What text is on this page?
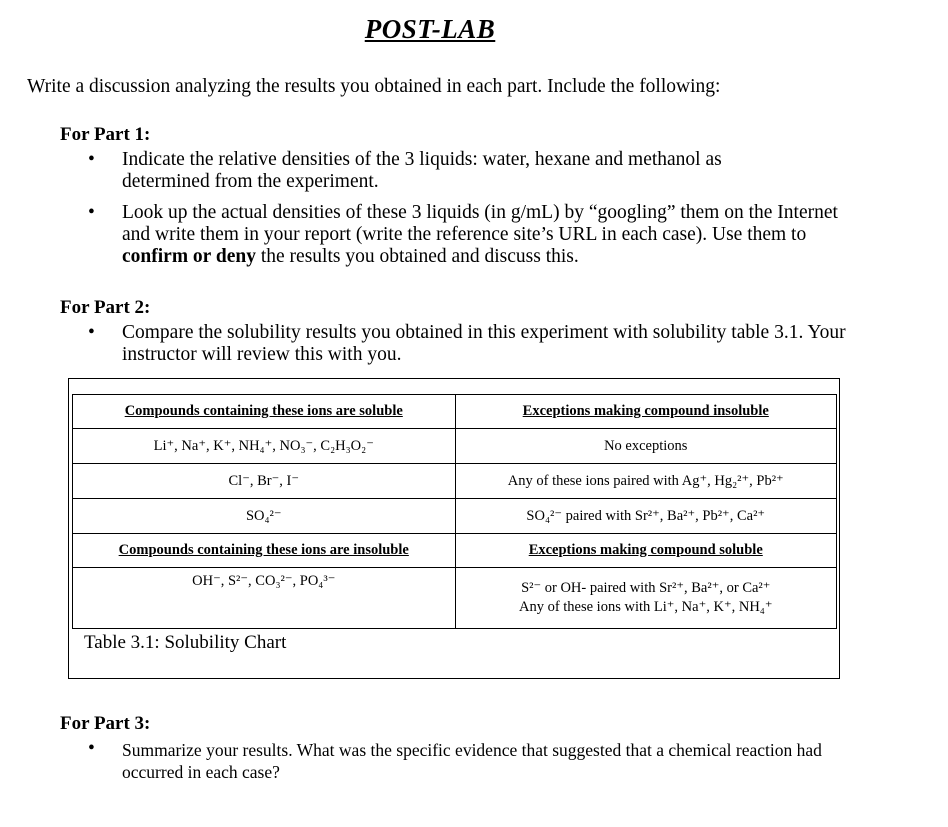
POST-LAB
Write a discussion analyzing the results you obtained in each part. Include the following:
For Part 1:
• Indicate the relative densities of the 3 liquids: water, hexane and methanol as determined from the experiment.
• Look up the actual densities of these 3 liquids (in g/mL) by “googling” them on the Internet and write them in your report (write the reference site’s URL in each case). Use them to confirm or deny the results you obtained and discuss this.
For Part 2:
• Compare the solubility results you obtained in this experiment with solubility table 3.1. Your instructor will review this with you.
Compounds containing these ions are soluble	Exceptions making compound insoluble
Li⁺, Na⁺, K⁺, NH₄⁺, NO₃⁻, C₂H₃O₂⁻	No exceptions
Cl⁻, Br⁻, I⁻	Any of these ions paired with Ag⁺, Hg₂²⁺, Pb²⁺
SO₄²⁻	SO₄²⁻ paired with Sr²⁺, Ba²⁺, Pb²⁺, Ca²⁺
Compounds containing these ions are insoluble	Exceptions making compound soluble
OH⁻, S²⁻, CO₃²⁻, PO₄³⁻	S²⁻ or OH- paired with Sr²⁺, Ba²⁺, or Ca²⁺
Any of these ions with Li⁺, Na⁺, K⁺, NH₄⁺
Table 3.1: Solubility Chart
For Part 3:
• Summarize your results. What was the specific evidence that suggested that a chemical reaction had occurred in each case?
